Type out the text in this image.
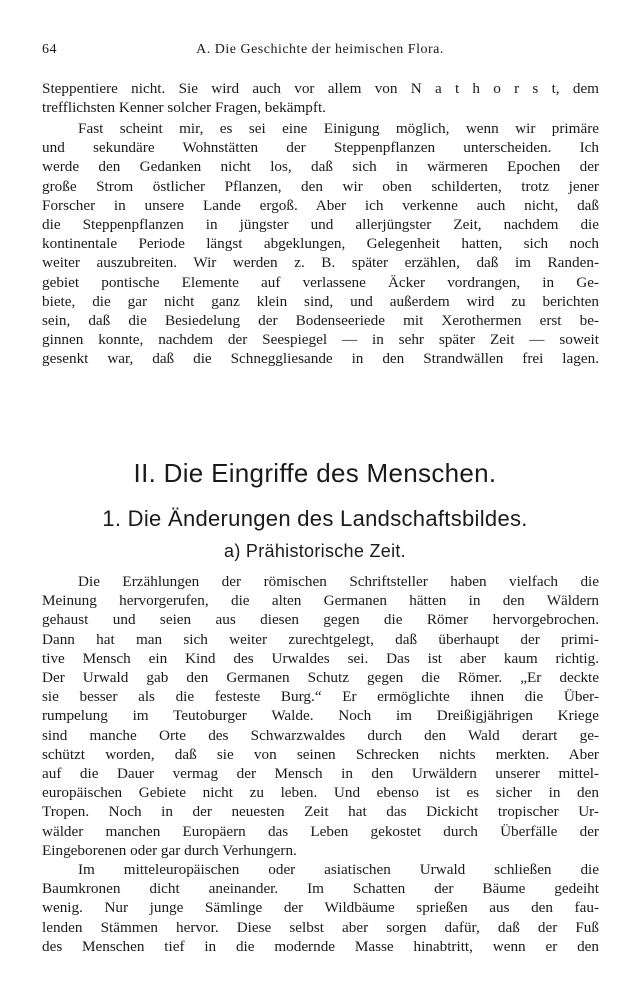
64	A. Die Geschichte der heimischen Flora.

Steppentiere nicht. Sie wird auch vor allem von N a t h o r s t, dem
trefflichsten Kenner solcher Fragen, bekämpft.

Fast scheint mir, es sei eine Einigung möglich, wenn wir primäre
und sekundäre Wohnstätten der Steppenpflanzen unterscheiden. Ich
werde den Gedanken nicht los, daß sich in wärmeren Epochen der
große Strom östlicher Pflanzen, den wir oben schilderten, trotz jener
Forscher in unsere Lande ergoß. Aber ich verkenne auch nicht, daß
die Steppenpflanzen in jüngster und allerjüngster Zeit, nachdem die
kontinentale Periode längst abgeklungen, Gelegenheit hatten, sich noch
weiter auszubreiten. Wir werden z. B. später erzählen, daß im Randen-
gebiet pontische Elemente auf verlassene Äcker vordrangen, in Ge-
biete, die gar nicht ganz klein sind, und außerdem wird zu berichten
sein, daß die Besiedelung der Bodenseeriede mit Xerothermen erst be-
ginnen konnte, nachdem der Seespiegel — in sehr später Zeit — soweit
gesenkt war, daß die Schneggliesande in den Strandwällen frei lagen.

II. Die Eingriffe des Menschen.
1. Die Änderungen des Landschaftsbildes.
a) Prähistorische Zeit.

Die Erzählungen der römischen Schriftsteller haben vielfach die
Meinung hervorgerufen, die alten Germanen hätten in den Wäldern
gehaust und seien aus diesen gegen die Römer hervorgebrochen.
Dann hat man sich weiter zurechtgelegt, daß überhaupt der primi-
tive Mensch ein Kind des Urwaldes sei. Das ist aber kaum richtig.
Der Urwald gab den Germanen Schutz gegen die Römer. „Er deckte
sie besser als die festeste Burg.“ Er ermöglichte ihnen die Über-
rumpelung im Teutoburger Walde. Noch im Dreißigjährigen Kriege
sind manche Orte des Schwarzwaldes durch den Wald derart ge-
schützt worden, daß sie von seinen Schrecken nichts merkten. Aber
auf die Dauer vermag der Mensch in den Urwäldern unserer mittel-
europäischen Gebiete nicht zu leben. Und ebenso ist es sicher in den
Tropen. Noch in der neuesten Zeit hat das Dickicht tropischer Ur-
wälder manchen Europäern das Leben gekostet durch Überfälle der
Eingeborenen oder gar durch Verhungern.

Im mitteleuropäischen oder asiatischen Urwald schließen die
Baumkronen dicht aneinander. Im Schatten der Bäume gedeiht
wenig. Nur junge Sämlinge der Wildbäume sprießen aus den fau-
lenden Stämmen hervor. Diese selbst aber sorgen dafür, daß der Fuß
des Menschen tief in die modernde Masse hinabtritt, wenn er den
